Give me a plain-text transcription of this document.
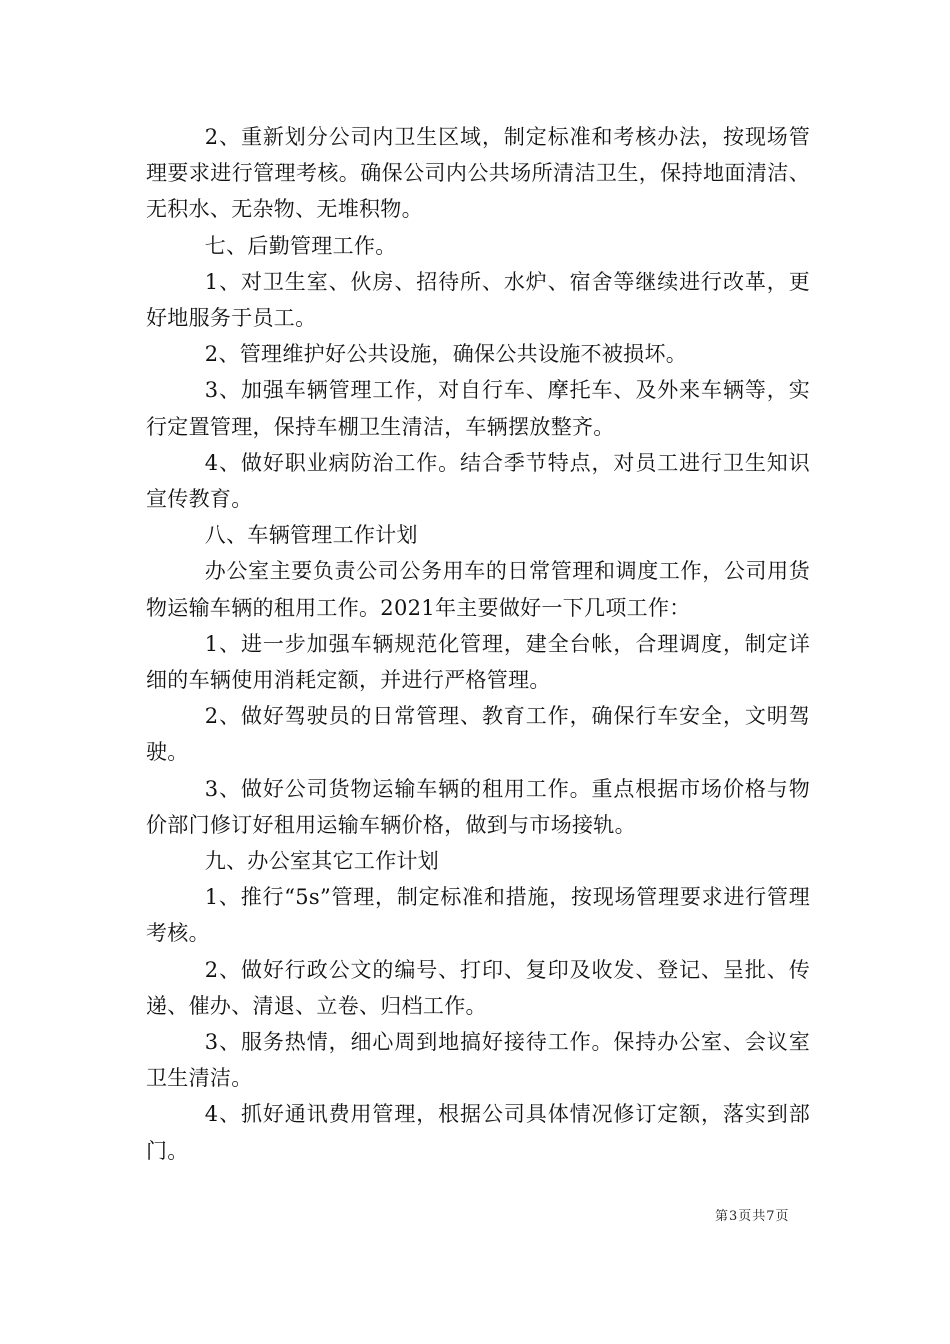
2、重新划分公司内卫生区域，制定标准和考核办法，按现场管理要求进行管理考核。确保公司内公共场所清洁卫生，保持地面清洁、无积水、无杂物、无堆积物。

七、后勤管理工作。

1、对卫生室、伙房、招待所、水炉、宿舍等继续进行改革，更好地服务于员工。

2、管理维护好公共设施，确保公共设施不被损坏。

3、加强车辆管理工作，对自行车、摩托车、及外来车辆等，实行定置管理，保持车棚卫生清洁，车辆摆放整齐。

4、做好职业病防治工作。结合季节特点，对员工进行卫生知识宣传教育。

八、车辆管理工作计划

办公室主要负责公司公务用车的日常管理和调度工作，公司用货物运输车辆的租用工作。2021年主要做好一下几项工作：

1、进一步加强车辆规范化管理，建全台帐，合理调度，制定详细的车辆使用消耗定额，并进行严格管理。

2、做好驾驶员的日常管理、教育工作，确保行车安全，文明驾驶。

3、做好公司货物运输车辆的租用工作。重点根据市场价格与物价部门修订好租用运输车辆价格，做到与市场接轨。

九、办公室其它工作计划

1、推行“5s”管理，制定标准和措施，按现场管理要求进行管理考核。

2、做好行政公文的编号、打印、复印及收发、登记、呈批、传递、催办、清退、立卷、归档工作。

3、服务热情，细心周到地搞好接待工作。保持办公室、会议室卫生清洁。

4、抓好通讯费用管理，根据公司具体情况修订定额，落实到部门。

第3页共7页
